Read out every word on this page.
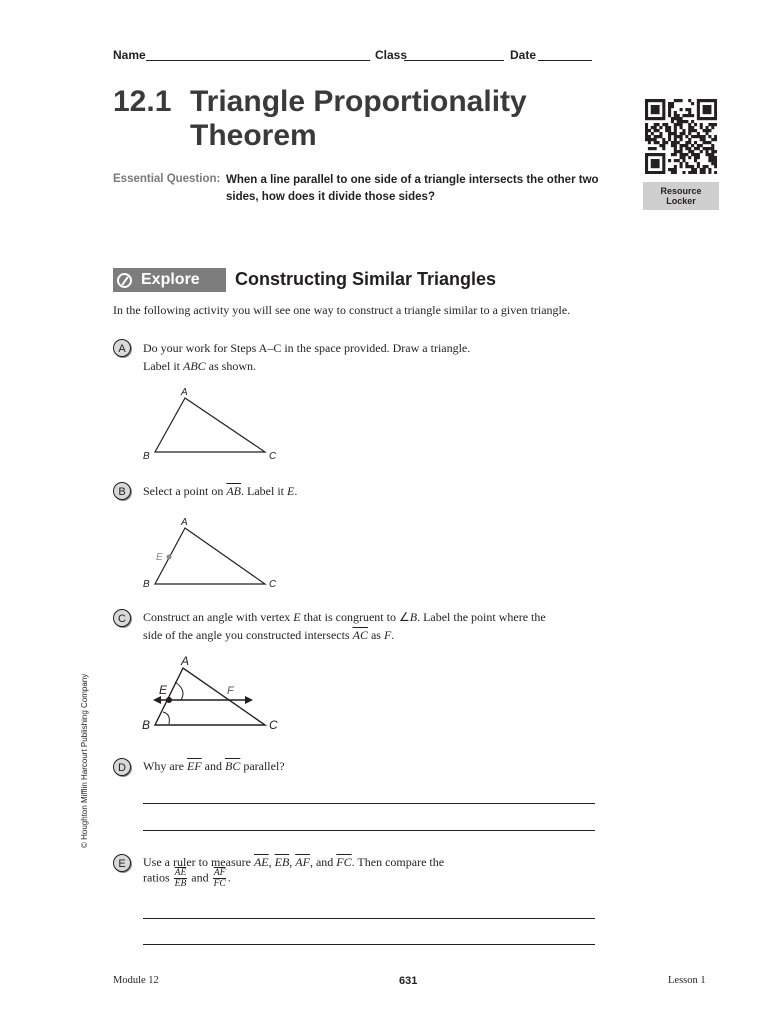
Name	Class	Date
12.1 Triangle Proportionality
Theorem
Resource
Locker
Essential Question: When a line parallel to one side of a triangle intersects the other two
sides, how does it divide those sides?
Explore Constructing Similar Triangles
In the following activity you will see one way to construct a triangle similar to a given triangle.
A	Do your work for Steps A–C in the space provided. Draw a triangle.
Label it ABC as shown.
A
B	C
B	Select a point on $\overline{AB}$. Label it E.
A
E
B	C
C	Construct an angle with vertex E that is congruent to ∠B. Label the point where the
side of the angle you constructed intersects $\overline{AC}$ as F.
A
E	F
B	C
D	Why are $\overline{EF}$ and $\overline{BC}$ parallel?
E	Use a ruler to measure $\overline{AE}$, $\overline{EB}$, $\overline{AF}$, and $\overline{FC}$. Then compare the
ratios $\frac{\overline{AE}}{EB}$ and $\frac{\overline{AF}}{FC}$ .
© Houghton Mifflin Harcourt Publishing Company
Module 12	631	Lesson 1
